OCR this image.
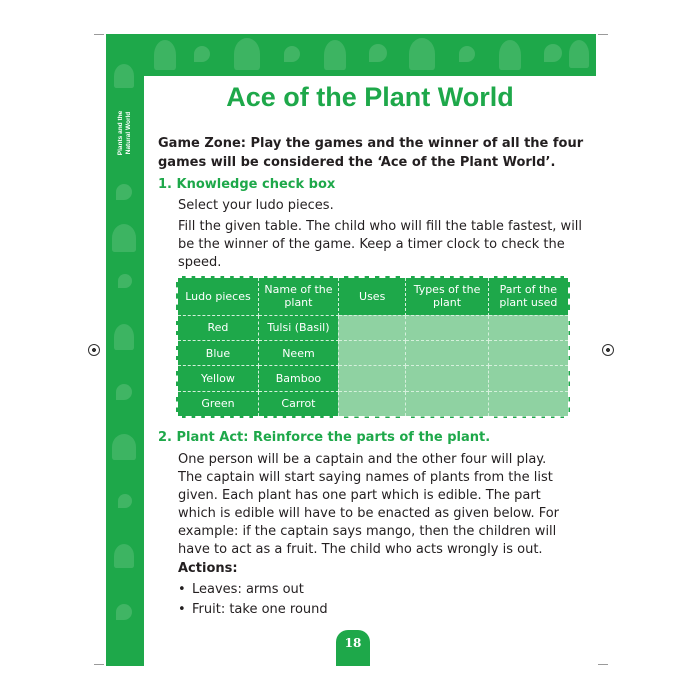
Plants and the
Natural World
Ace of the Plant World
Game Zone: Play the games and the winner of all the four
games will be considered the ‘Ace of the Plant World’.
1. Knowledge check box
Select your ludo pieces.
Fill the given table. The child who will fill the table fastest, will
be the winner of the game. Keep a timer clock to check the
speed.
Ludo pieces	Name of the plant	Uses	Types of the plant	Part of the plant used
Red	Tulsi (Basil)			
Blue	Neem			
Yellow	Bamboo			
Green	Carrot			
2. Plant Act: Reinforce the parts of the plant.
One person will be a captain and the other four will play.
The captain will start saying names of plants from the list
given. Each plant has one part which is edible. The part
which is edible will have to be enacted as given below. For
example: if the captain says mango, then the children will
have to act as a fruit. The child who acts wrongly is out.
Actions:
• Leaves: arms out
• Fruit: take one round
18
